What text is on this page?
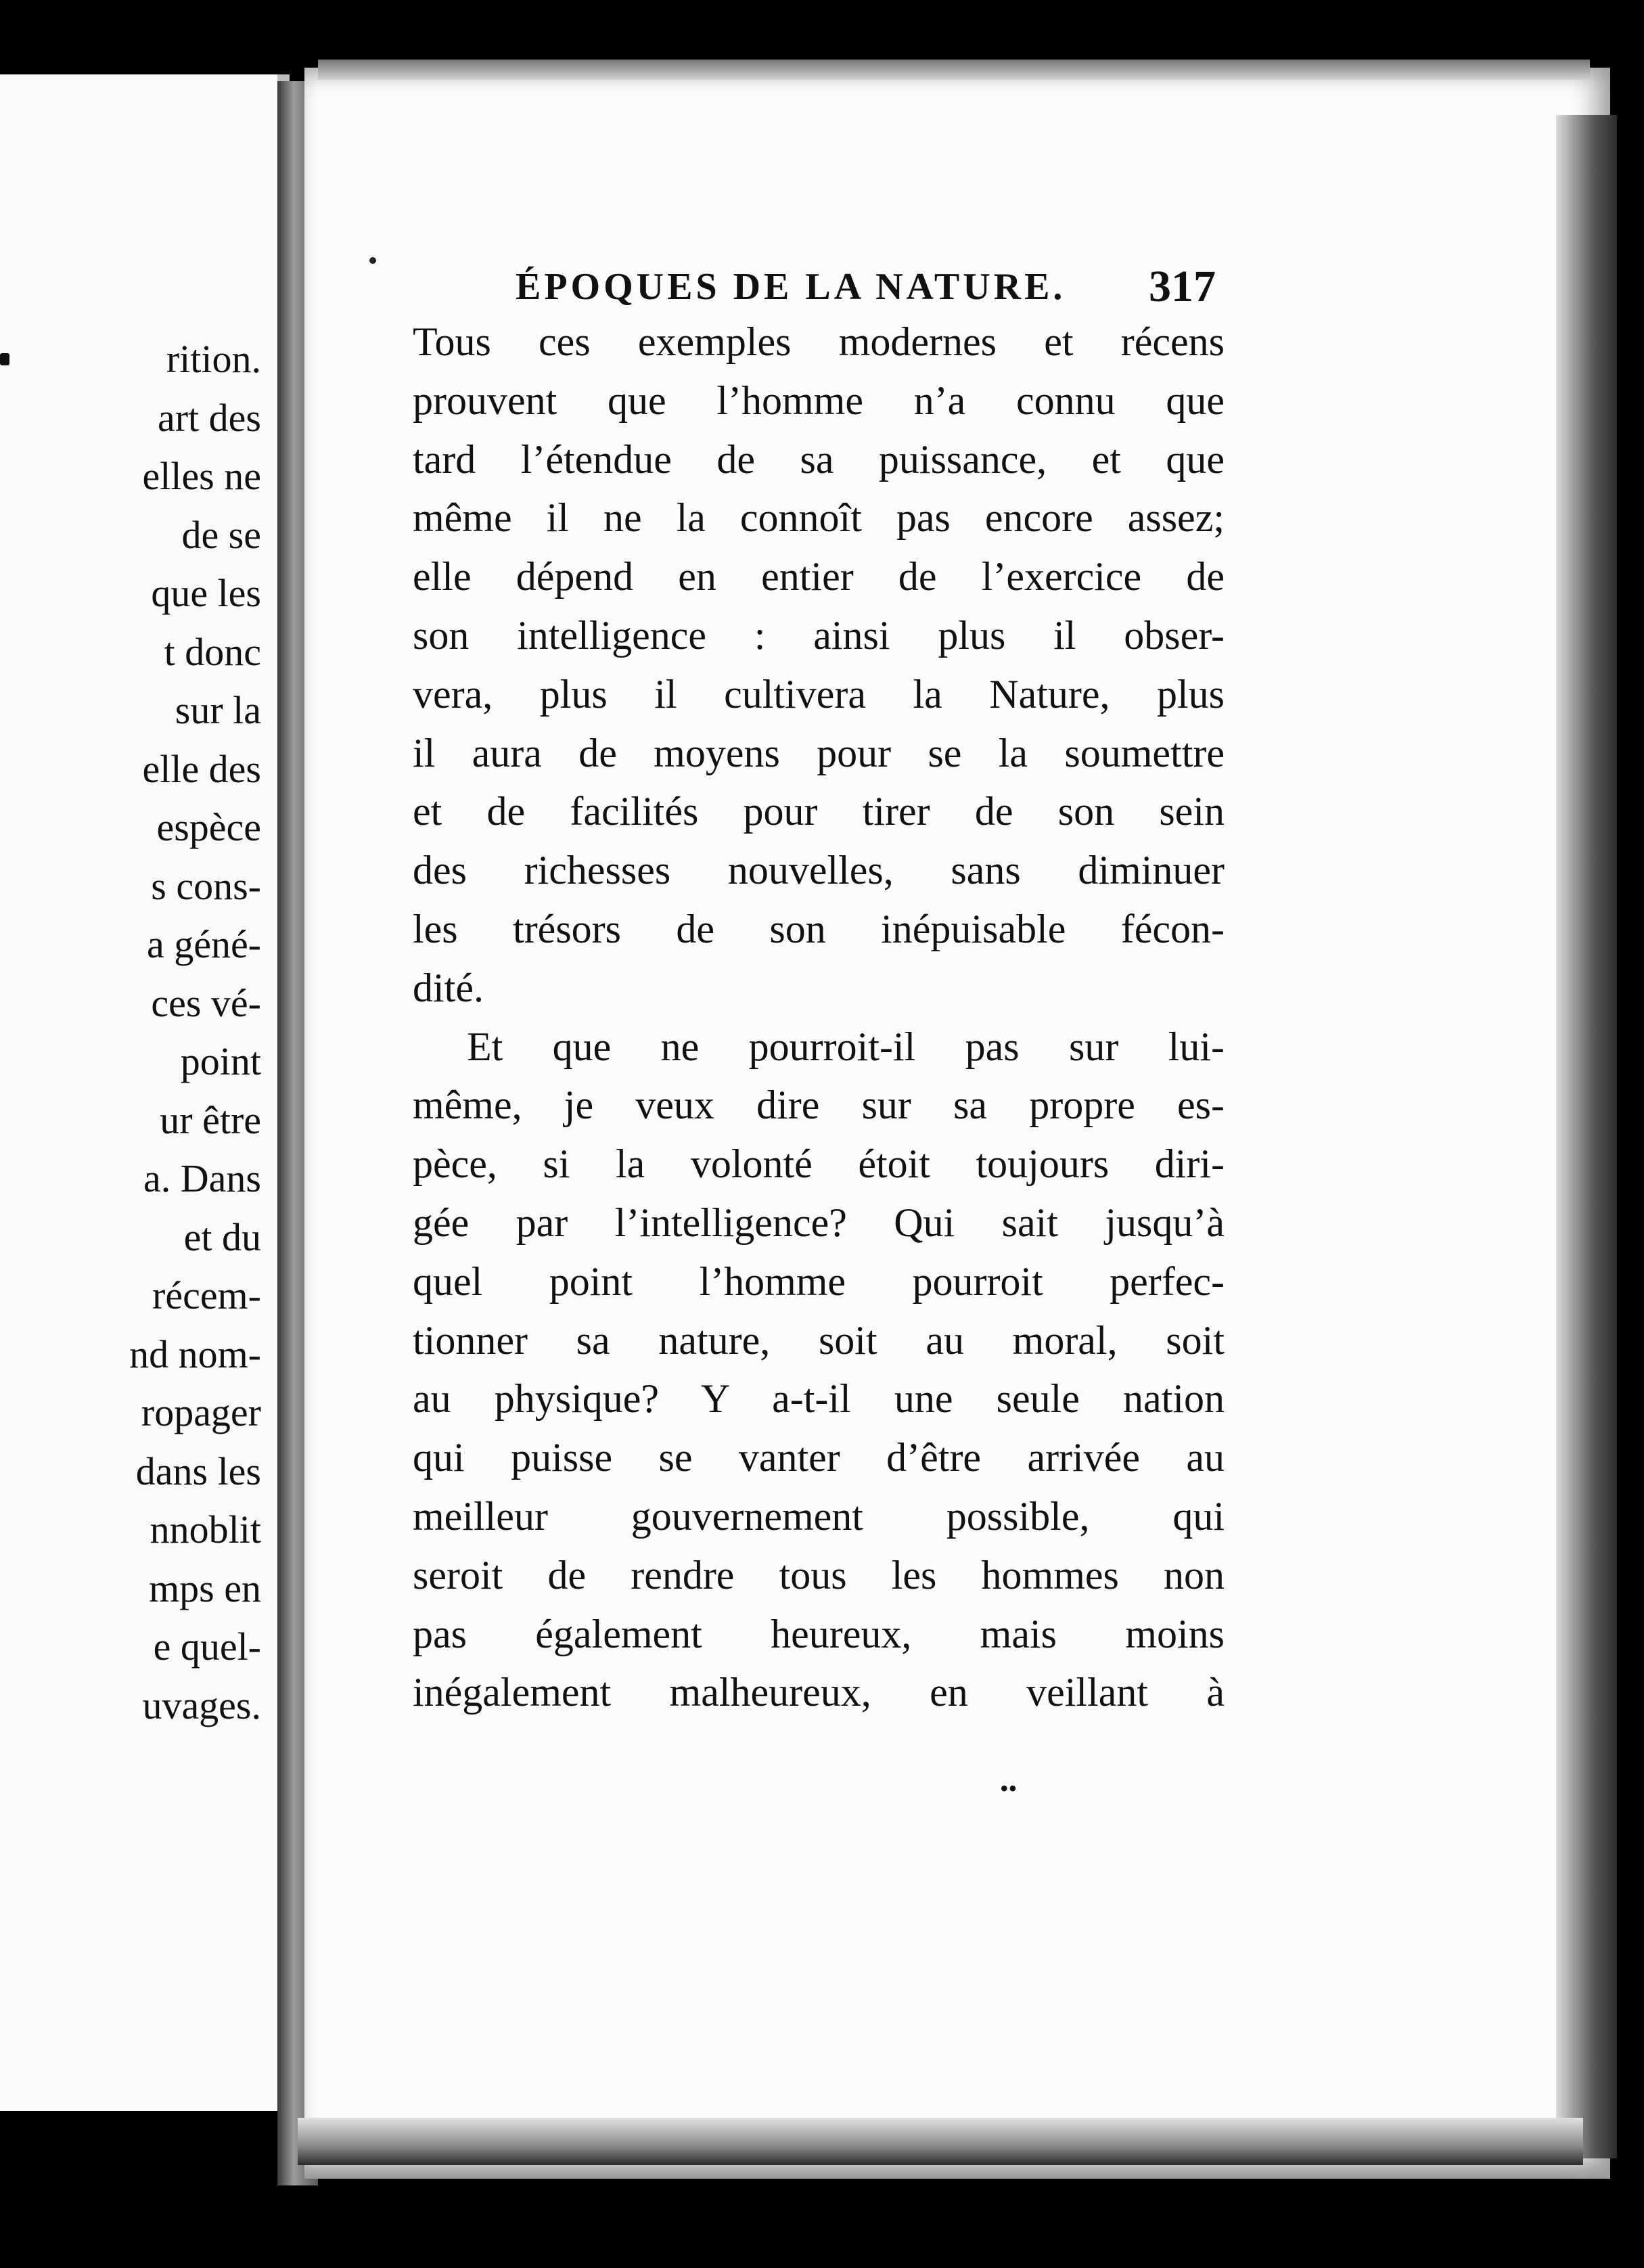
rition.
art des
elles ne
de se
que les
t donc
sur la
elle des
espèce
s cons-
a géné-
ces vé-
point
ur être
a. Dans
et du
récem-
nd nom-
ropager
dans les
nnoblit
mps en
e quel-
uvages.
ÉPOQUES DE LA NATURE. 317
Tous ces exemples modernes et récens
prouvent que l’homme n’a connu que
tard l’étendue de sa puissance, et que
même il ne la connoît pas encore assez;
elle dépend en entier de l’exercice de
son intelligence : ainsi plus il obser-
vera, plus il cultivera la Nature, plus
il aura de moyens pour se la soumettre
et de facilités pour tirer de son sein
des richesses nouvelles, sans diminuer
les trésors de son inépuisable fécon-
dité.
Et que ne pourroit-il pas sur lui-
même, je veux dire sur sa propre es-
pèce, si la volonté étoit toujours diri-
gée par l’intelligence? Qui sait jusqu’à
quel point l’homme pourroit perfec-
tionner sa nature, soit au moral, soit
au physique? Y a-t-il une seule nation
qui puisse se vanter d’être arrivée au
meilleur gouvernement possible, qui
seroit de rendre tous les hommes non
pas également heureux, mais moins
inégalement malheureux, en veillant à
••
